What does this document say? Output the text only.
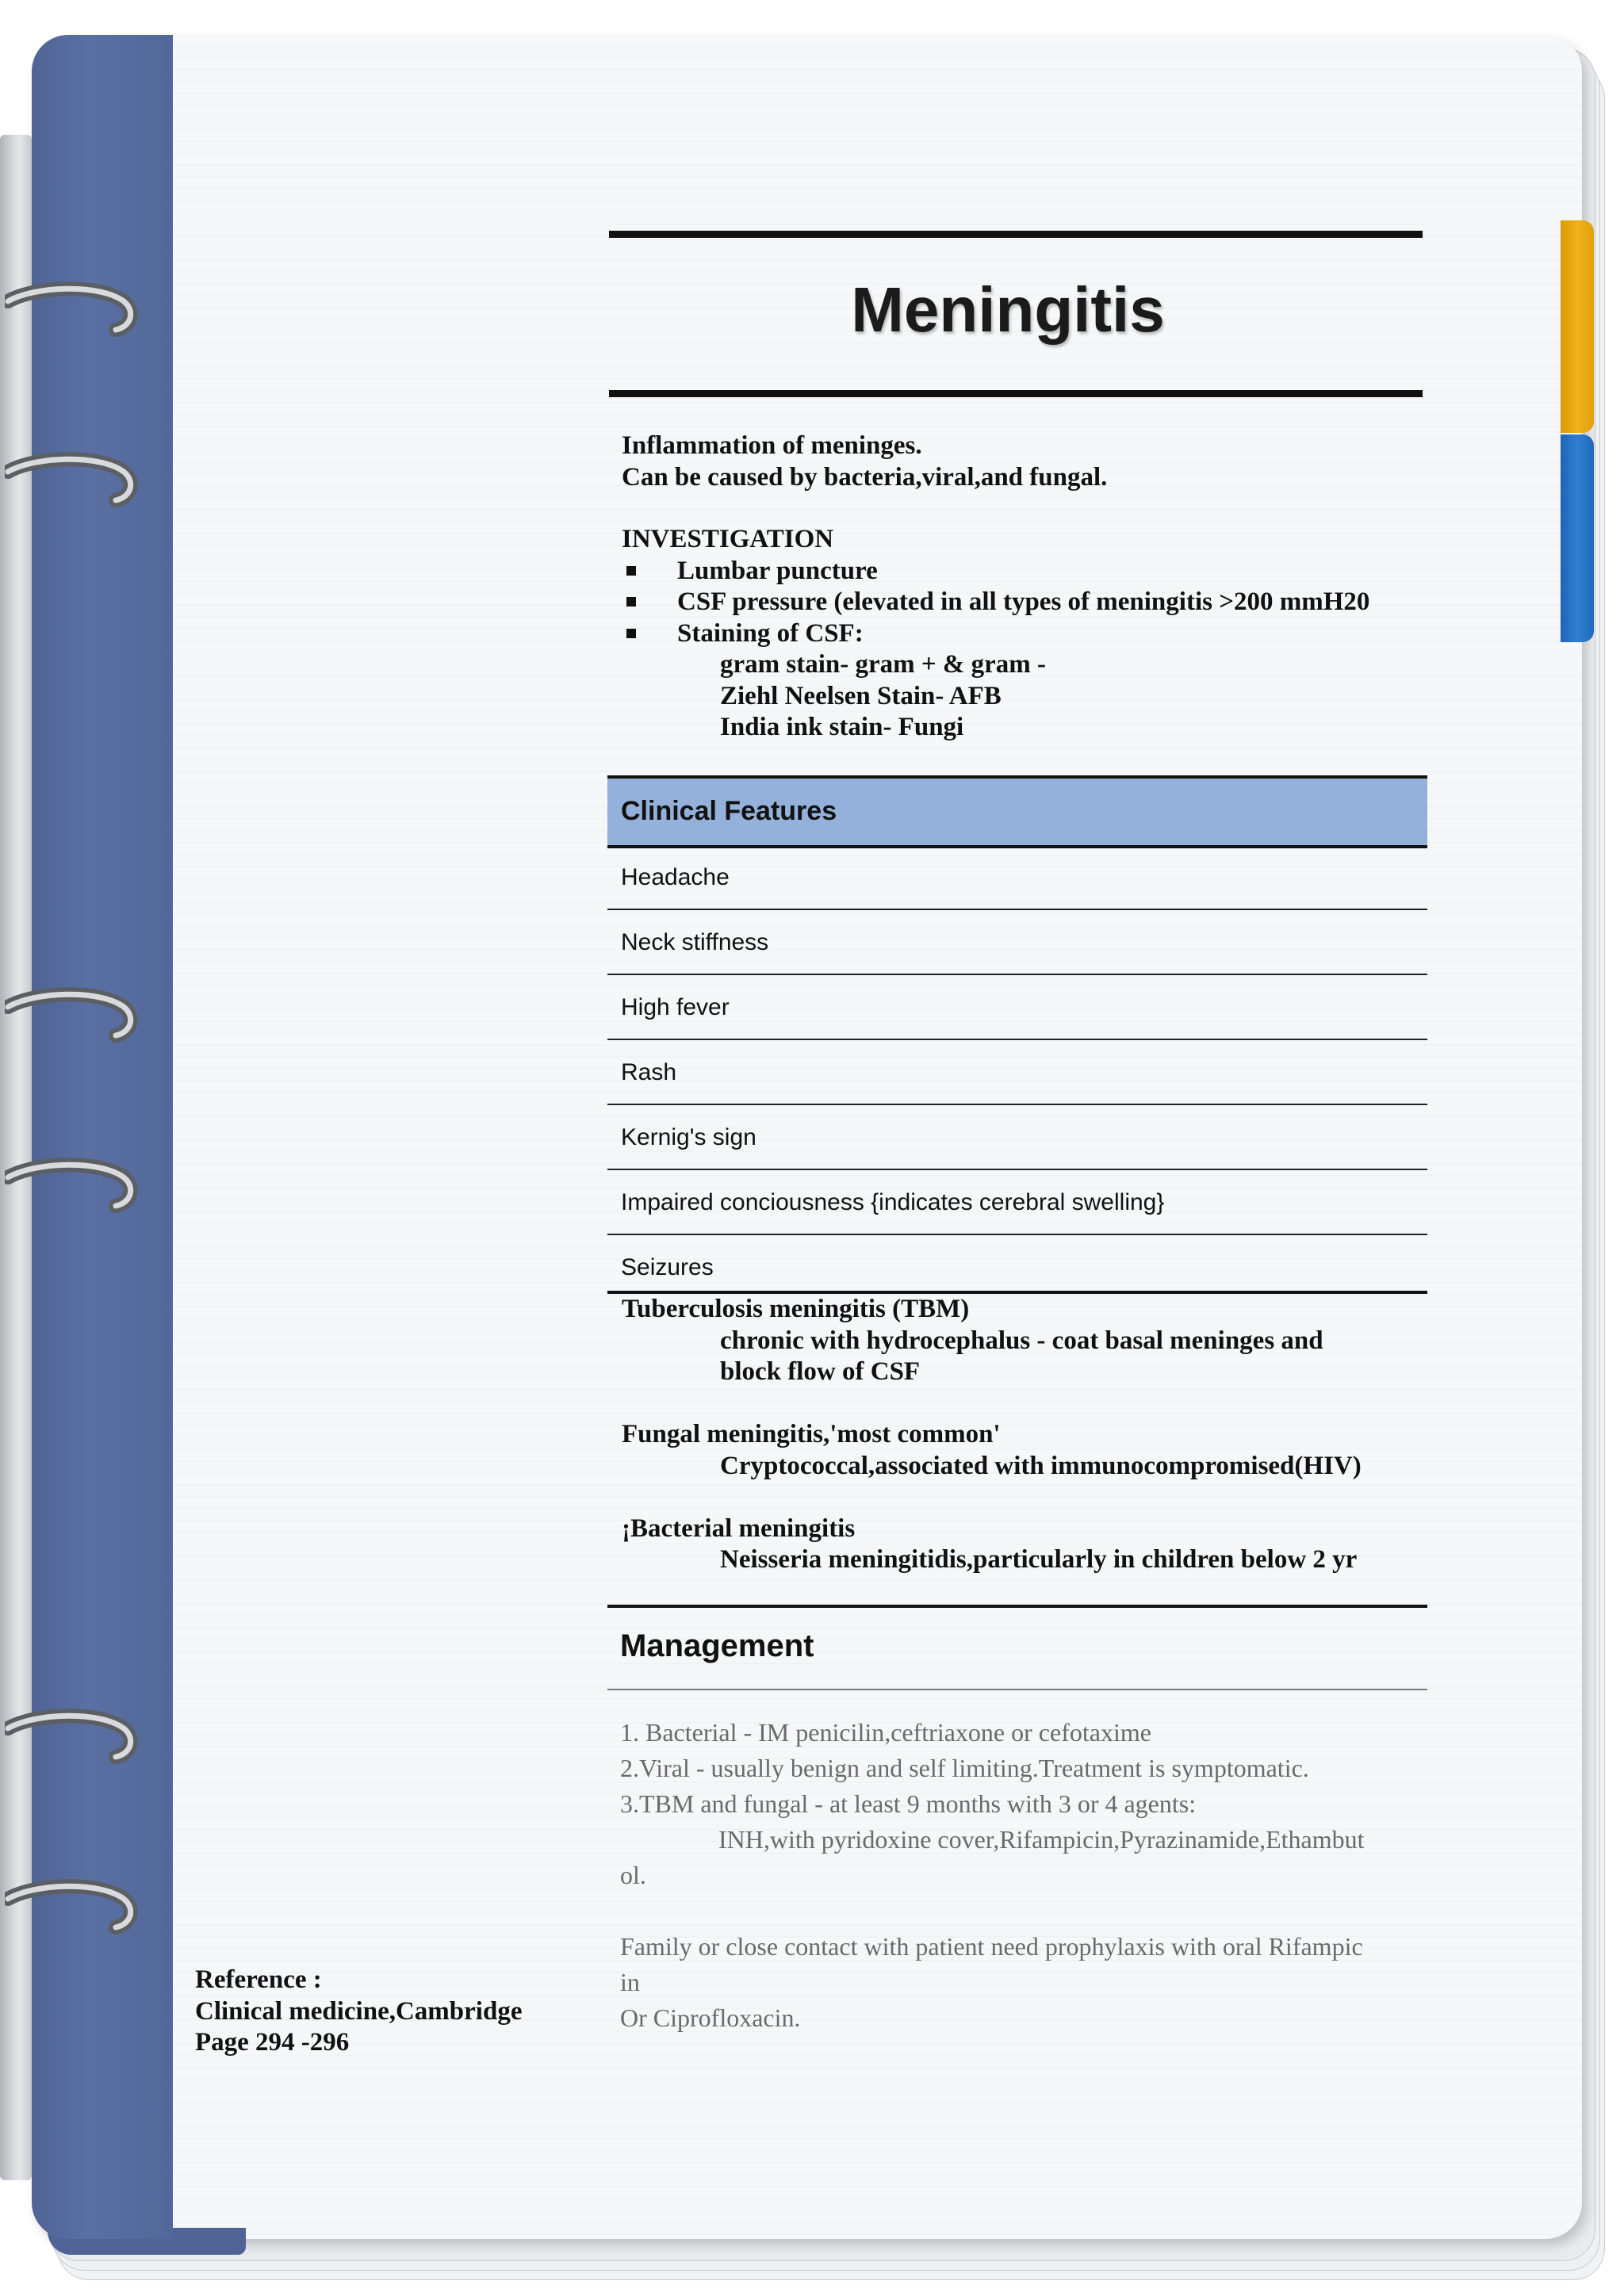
Meningitis

Inflammation of meninges.

Can be caused by bacteria,viral,and fungal.

INVESTIGATION

Lumbar puncture

CSF pressure (elevated in all types of meningitis >200 mmH20

Staining of CSF:

gram stain- gram + & gram -

Ziehl Neelsen Stain- AFB

India ink stain- Fungi

Clinical Features
Headache
Neck stiffness
High fever
Rash
Kernig's sign
Impaired conciousness {indicates cerebral swelling}
Seizures

Tuberculosis meningitis (TBM)

chronic with hydrocephalus - coat basal meninges and

block flow of CSF

Fungal meningitis,'most common'

Cryptococcal,associated with immunocompromised(HIV)

¡Bacterial meningitis

Neisseria meningitidis,particularly in children below 2 yr

Management

1. Bacterial - IM penicilin,ceftriaxone or cefotaxime

2.Viral - usually benign and self limiting.Treatment is symptomatic.

3.TBM and fungal - at least 9 months with 3 or 4 agents:

INH,with pyridoxine cover,Rifampicin,Pyrazinamide,Ethambut

ol.

Family or close contact with patient need prophylaxis with oral Rifampic

in

Or Ciprofloxacin.

Reference :

Clinical medicine,Cambridge

Page 294 -296
